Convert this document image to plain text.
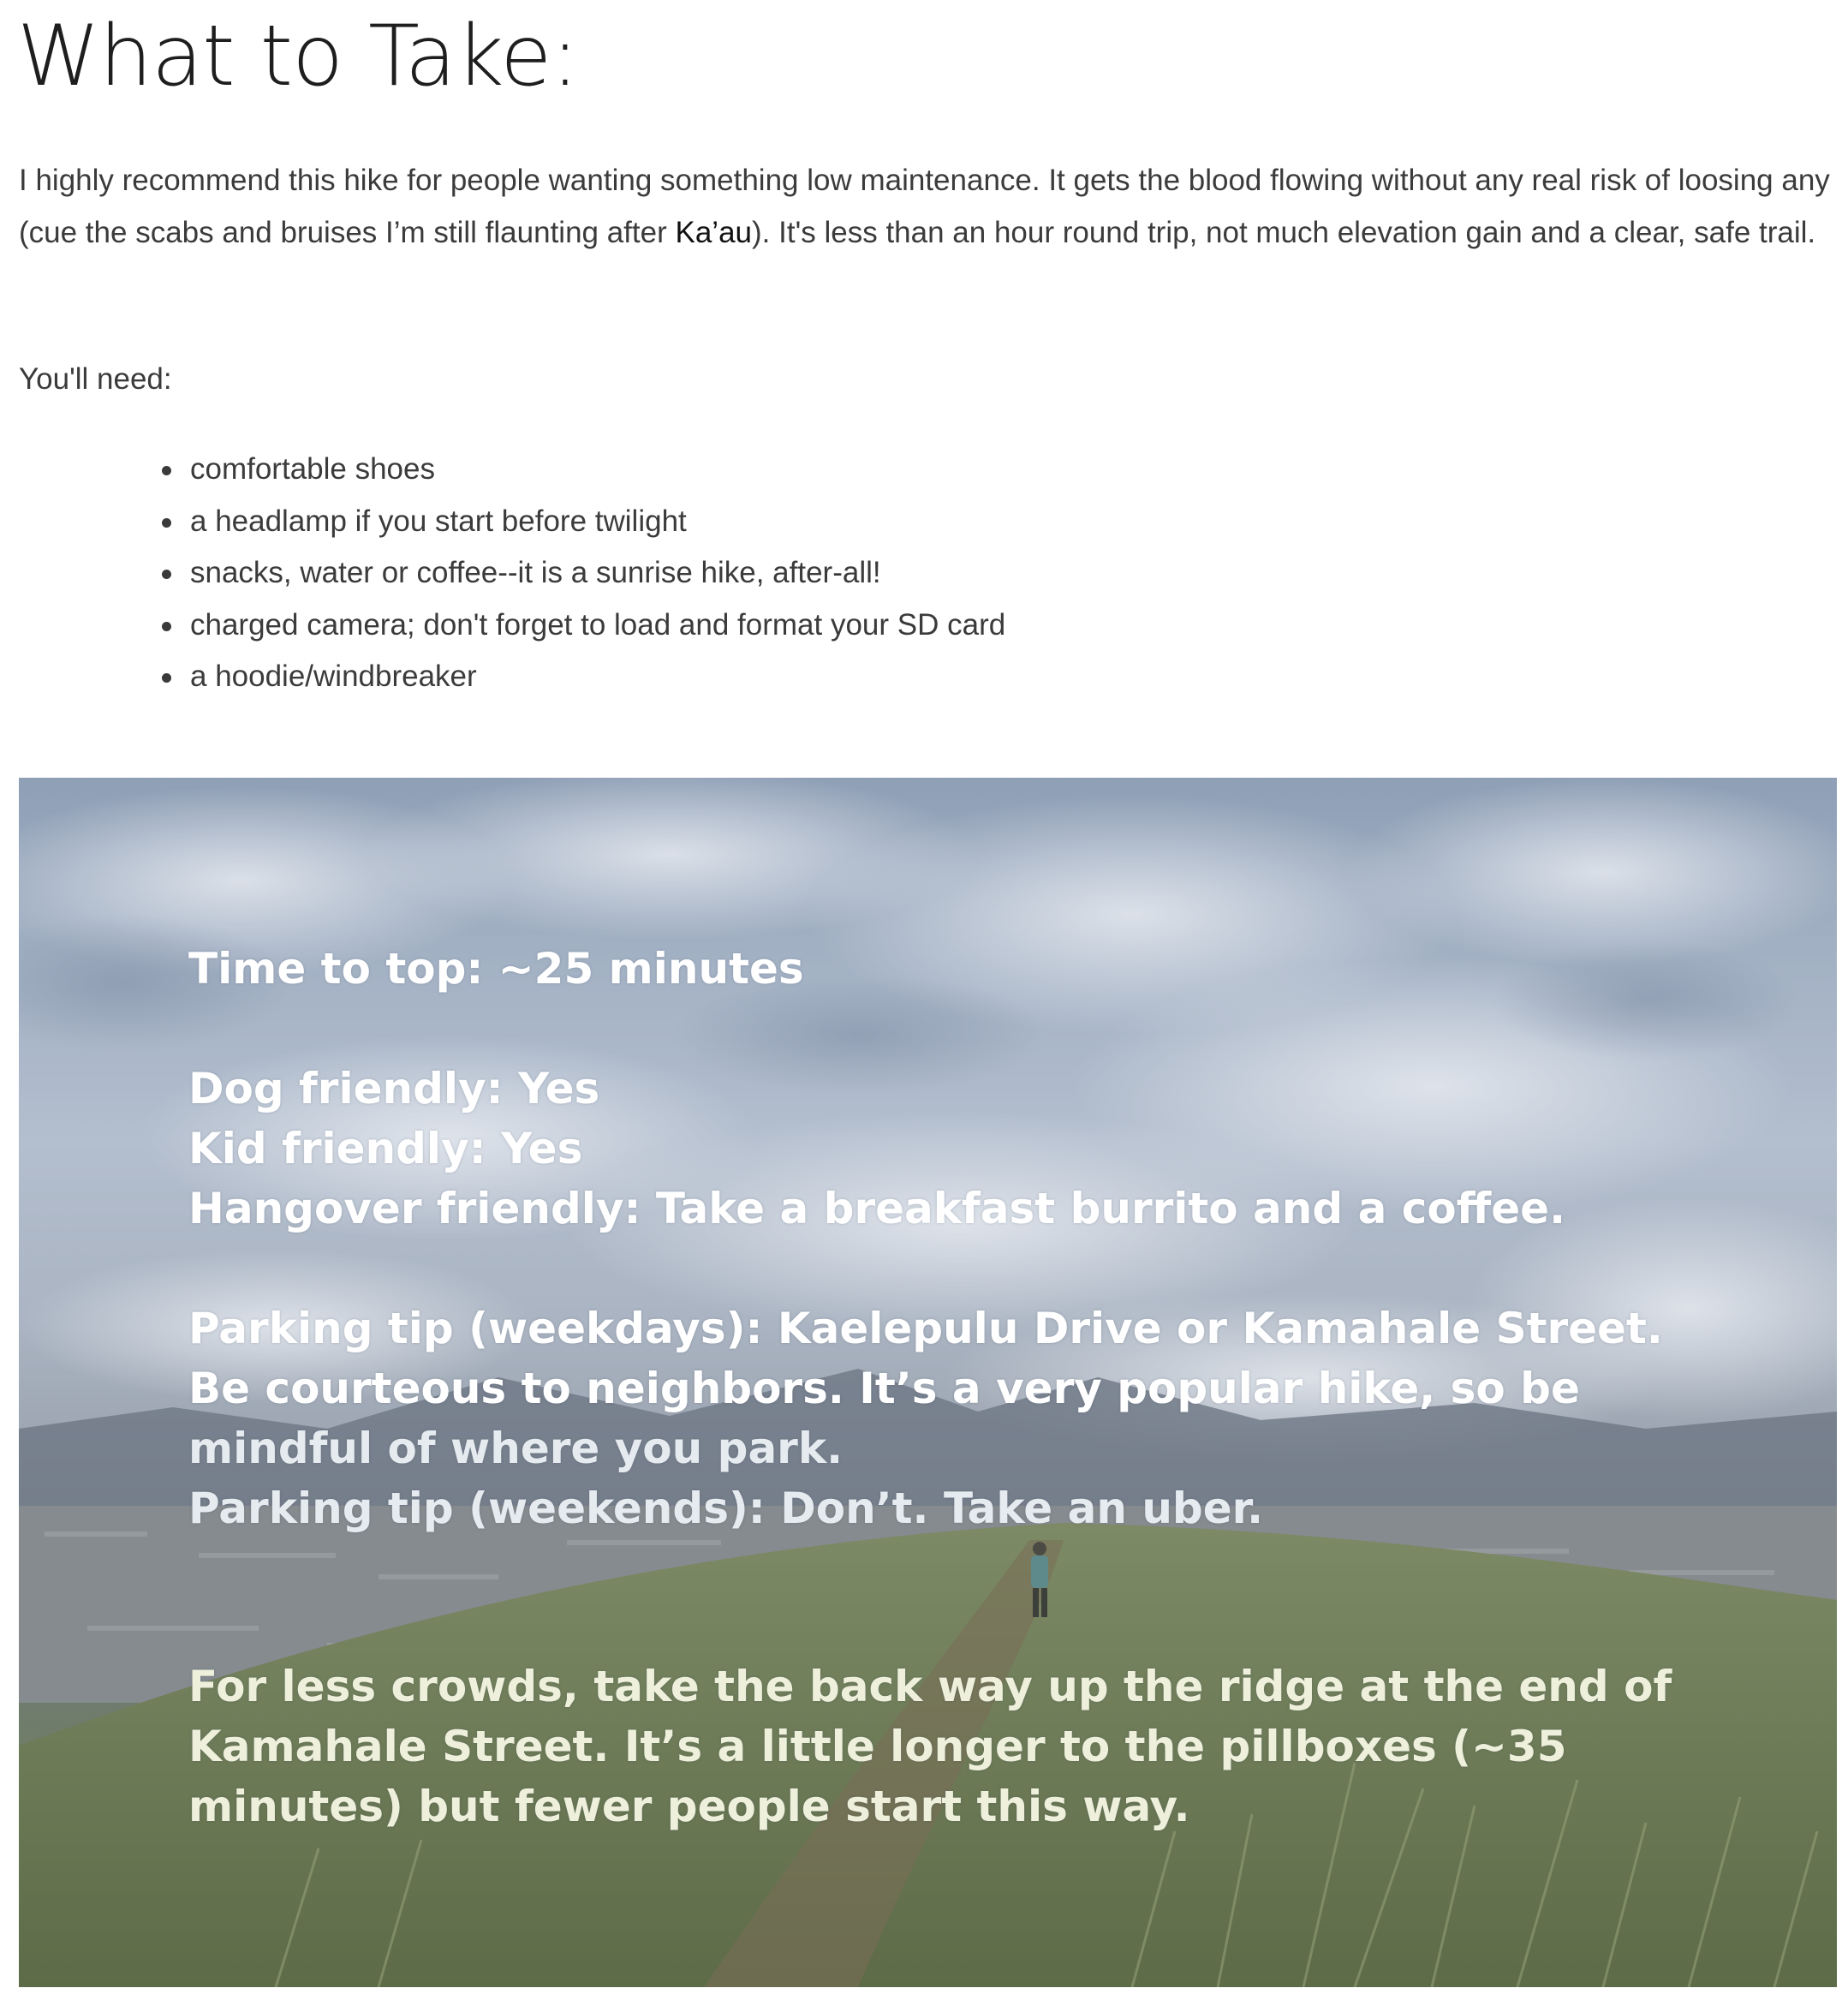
What to Take:

I highly recommend this hike for people wanting something low maintenance. It gets the blood flowing without any real risk of loosing any (cue the scabs and bruises I’m still flaunting after Ka’au). It's less than an hour round trip, not much elevation gain and a clear, safe trail.

You'll need:

comfortable shoes
a headlamp if you start before twilight
snacks, water or coffee--it is a sunrise hike, after-all!
charged camera; don't forget to load and format your SD card
a hoodie/windbreaker

Time to top: ~25 minutes

Dog friendly: Yes

Kid friendly: Yes

Hangover friendly: Take a breakfast burrito and a coffee.

Parking tip (weekdays): Kaelepulu Drive or Kamahale Street.

Be courteous to neighbors. It’s a very popular hike, so be

mindful of where you park.

Parking tip (weekends): Don’t. Take an uber.

For less crowds, take the back way up the ridge at the end of

Kamahale Street. It’s a little longer to the pillboxes (~35

minutes) but fewer people start this way.
